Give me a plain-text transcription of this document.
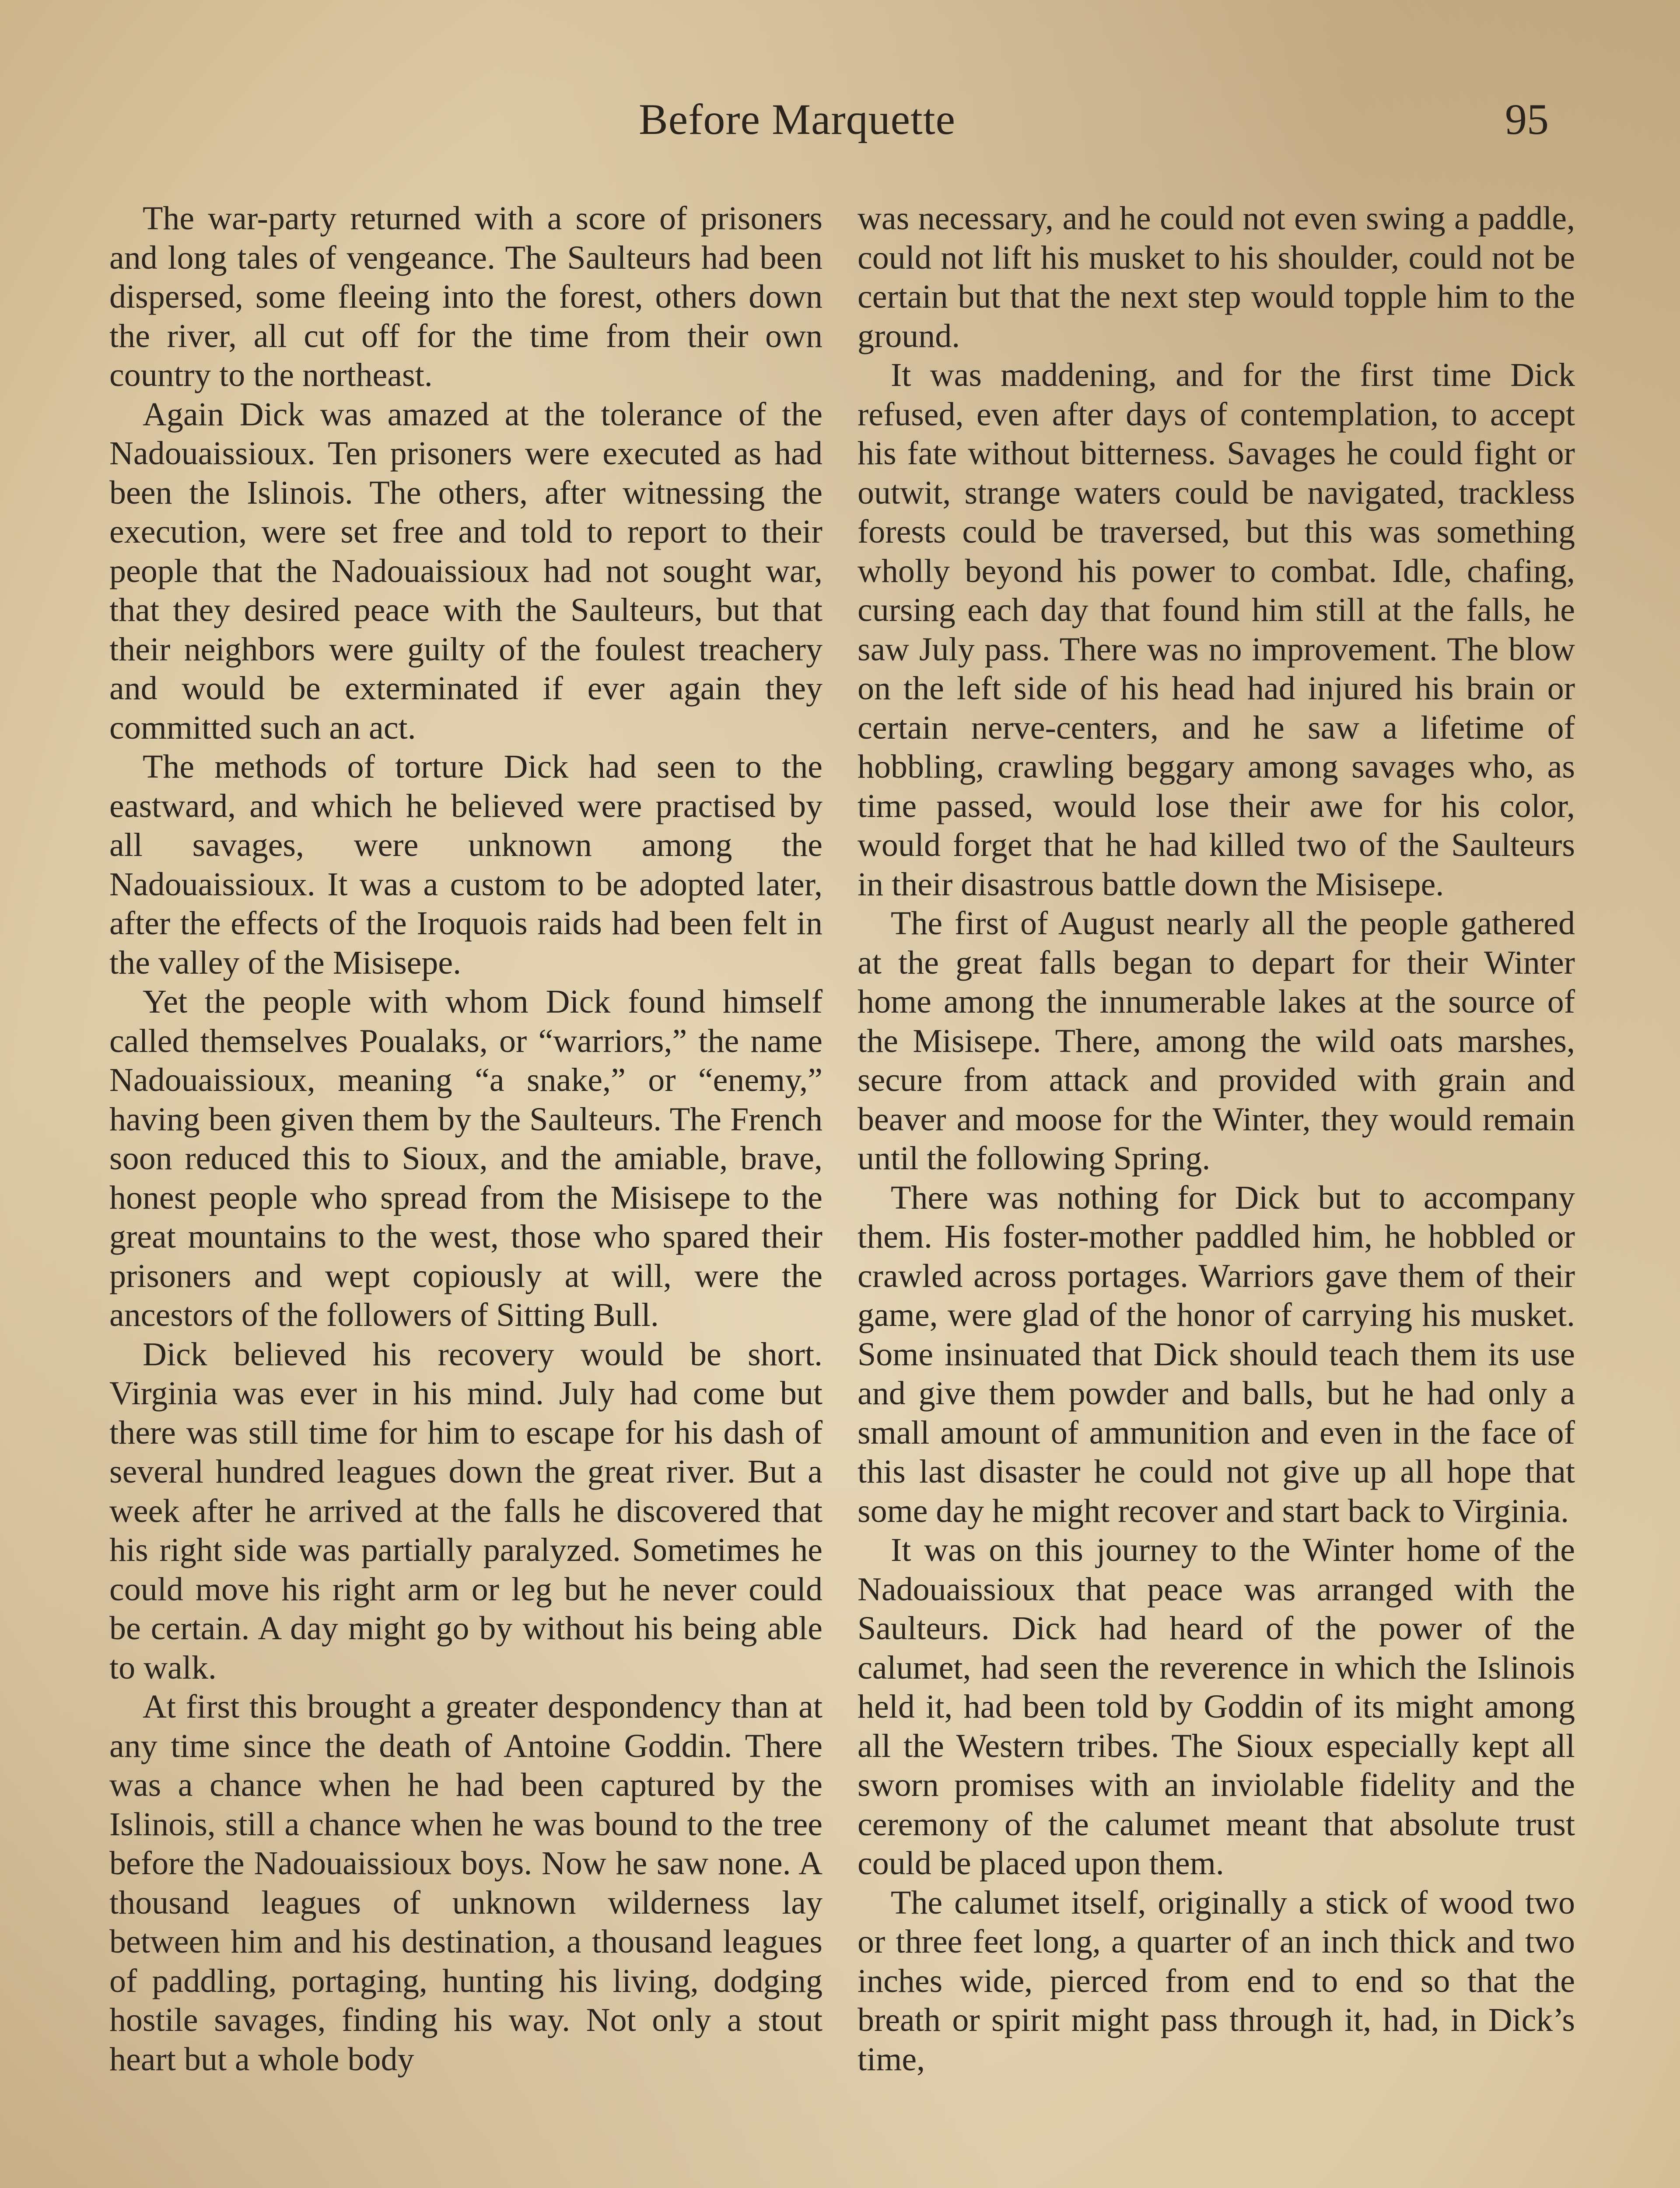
Before Marquette	95

The war-party returned with a score of prisoners and long tales of vengeance. The Saulteurs had been dispersed, some fleeing into the forest, others down the river, all cut off for the time from their own country to the northeast.

Again Dick was amazed at the tolerance of the Nadouaissioux. Ten prisoners were executed as had been the Islinois. The others, after witnessing the execution, were set free and told to report to their people that the Nadouaissioux had not sought war, that they desired peace with the Saulteurs, but that their neighbors were guilty of the foulest treachery and would be exterminated if ever again they committed such an act.

The methods of torture Dick had seen to the eastward, and which he believed were practised by all savages, were unknown among the Nadouaissioux. It was a custom to be adopted later, after the effects of the Iroquois raids had been felt in the valley of the Misisepe.

Yet the people with whom Dick found himself called themselves Poualaks, or “warriors,” the name Nadouaissioux, meaning “a snake,” or “enemy,” having been given them by the Saulteurs. The French soon reduced this to Sioux, and the amiable, brave, honest people who spread from the Misisepe to the great mountains to the west, those who spared their prisoners and wept copiously at will, were the ancestors of the followers of Sitting Bull.

Dick believed his recovery would be short. Virginia was ever in his mind. July had come but there was still time for him to escape for his dash of several hundred leagues down the great river. But a week after he arrived at the falls he discovered that his right side was partially paralyzed. Sometimes he could move his right arm or leg but he never could be certain. A day might go by without his being able to walk.

At first this brought a greater despondency than at any time since the death of Antoine Goddin. There was a chance when he had been captured by the Islinois, still a chance when he was bound to the tree before the Nadouaissioux boys. Now he saw none. A thousand leagues of unknown wilderness lay between him and his destination, a thousand leagues of paddling, portaging, hunting his living, dodging hostile savages, finding his way. Not only a stout heart but a whole body

was necessary, and he could not even swing a paddle, could not lift his musket to his shoulder, could not be certain but that the next step would topple him to the ground.

It was maddening, and for the first time Dick refused, even after days of contemplation, to accept his fate without bitterness. Savages he could fight or outwit, strange waters could be navigated, trackless forests could be traversed, but this was something wholly beyond his power to combat. Idle, chafing, cursing each day that found him still at the falls, he saw July pass. There was no improvement. The blow on the left side of his head had injured his brain or certain nerve-centers, and he saw a lifetime of hobbling, crawling beggary among savages who, as time passed, would lose their awe for his color, would forget that he had killed two of the Saulteurs in their disastrous battle down the Misisepe.

The first of August nearly all the people gathered at the great falls began to depart for their Winter home among the innumerable lakes at the source of the Misisepe. There, among the wild oats marshes, secure from attack and provided with grain and beaver and moose for the Winter, they would remain until the following Spring.

There was nothing for Dick but to accompany them. His foster-mother paddled him, he hobbled or crawled across portages. Warriors gave them of their game, were glad of the honor of carrying his musket. Some insinuated that Dick should teach them its use and give them powder and balls, but he had only a small amount of ammunition and even in the face of this last disaster he could not give up all hope that some day he might recover and start back to Virginia.

It was on this journey to the Winter home of the Nadouaissioux that peace was arranged with the Saulteurs. Dick had heard of the power of the calumet, had seen the reverence in which the Islinois held it, had been told by Goddin of its might among all the Western tribes. The Sioux especially kept all sworn promises with an inviolable fidelity and the ceremony of the calumet meant that absolute trust could be placed upon them.

The calumet itself, originally a stick of wood two or three feet long, a quarter of an inch thick and two inches wide, pierced from end to end so that the breath or spirit might pass through it, had, in Dick’s time,
